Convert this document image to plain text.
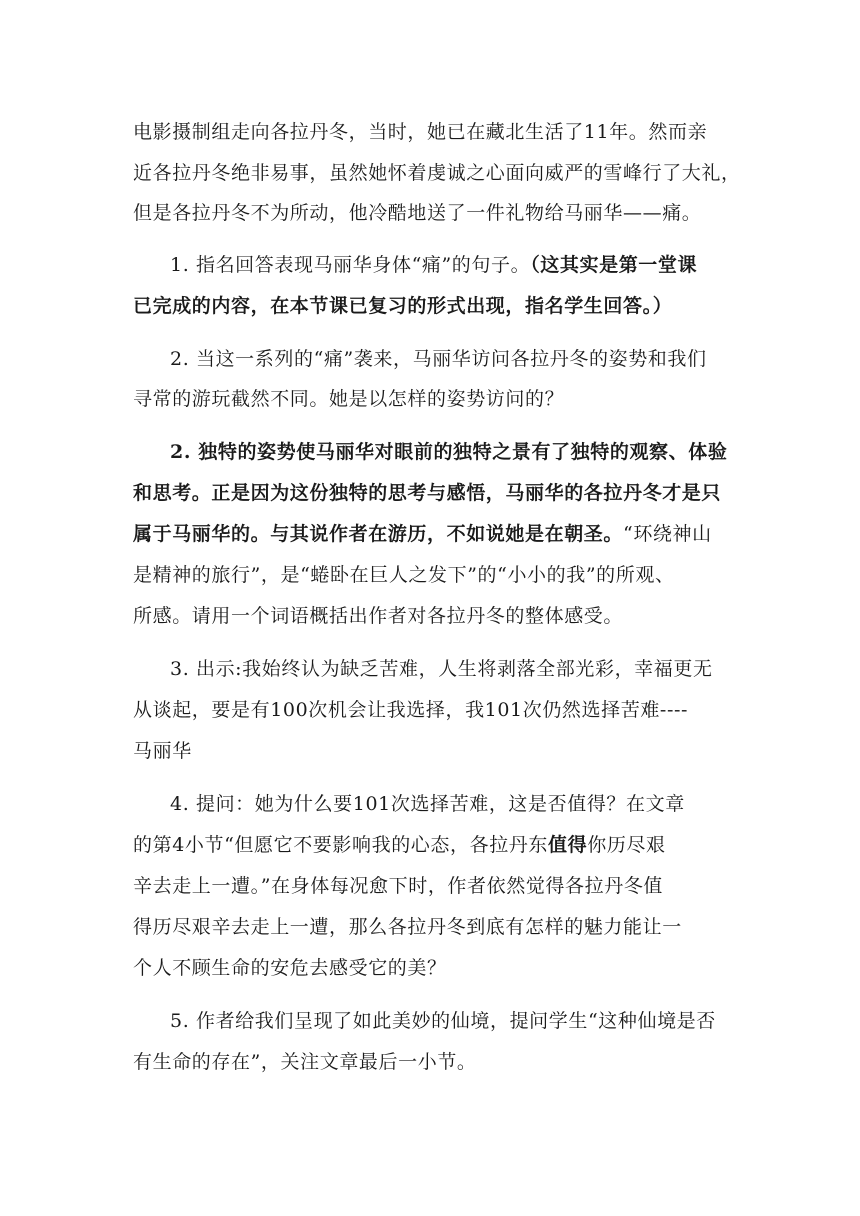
电影摄制组走向各拉丹冬，当时，她已在藏北生活了11年。然而亲
近各拉丹冬绝非易事，虽然她怀着虔诚之心面向威严的雪峰行了大礼，
但是各拉丹冬不为所动，他冷酷地送了一件礼物给马丽华——痛。
1. 指名回答表现马丽华身体“痛”的句子。（这其实是第一堂课
已完成的内容，在本节课已复习的形式出现，指名学生回答。）
2. 当这一系列的“痛”袭来，马丽华访问各拉丹冬的姿势和我们
寻常的游玩截然不同。她是以怎样的姿势访问的？
2. 独特的姿势使马丽华对眼前的独特之景有了独特的观察、体验
和思考。正是因为这份独特的思考与感悟，马丽华的各拉丹冬才是只
属于马丽华的。与其说作者在游历，不如说她是在朝圣。“环绕神山
是精神的旅行”，是“蜷卧在巨人之发下”的“小小的我”的所观、
所感。请用一个词语概括出作者对各拉丹冬的整体感受。
3. 出示:我始终认为缺乏苦难，人生将剥落全部光彩，幸福更无
从谈起，要是有100次机会让我选择，我101次仍然选择苦难----
马丽华
4. 提问：她为什么要101次选择苦难，这是否值得？在文章
的第4小节“但愿它不要影响我的心态，各拉丹东值得你历尽艰
辛去走上一遭。”在身体每况愈下时，作者依然觉得各拉丹冬值
得历尽艰辛去走上一遭，那么各拉丹冬到底有怎样的魅力能让一
个人不顾生命的安危去感受它的美？
5. 作者给我们呈现了如此美妙的仙境，提问学生“这种仙境是否
有生命的存在”，关注文章最后一小节。
